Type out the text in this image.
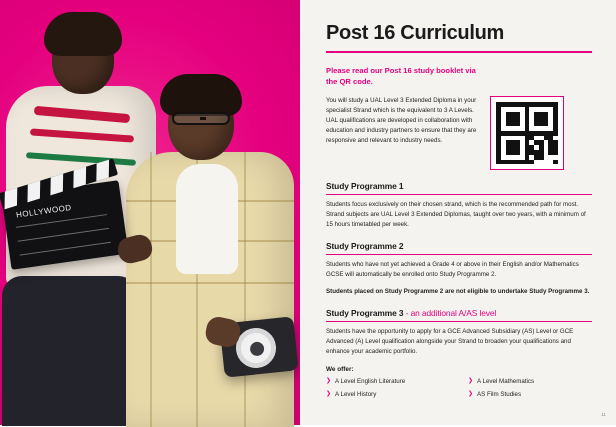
HOLLYWOOD
Post 16 Curriculum
Please read our Post 16 study booklet via the QR code.
You will study a UAL Level 3 Extended Diploma in your specialist Strand which is the equivalent to 3 A Levels. UAL qualifications are developed in collaboration with education and industry partners to ensure that they are responsive and relevant to industry needs.
Study Programme 1

Students focus exclusively on their chosen strand, which is the recommended path for most. Strand subjects are UAL Level 3 Extended Diplomas, taught over two years, with a minimum of 15 hours timetabled per week.

Study Programme 2

Students who have not yet achieved a Grade 4 or above in their English and/or Mathematics GCSE will automatically be enrolled onto Study Programme 2.

Students placed on Study Programme 2 are not eligible to undertake Study Programme 3.

Study Programme 3 - an additional A/AS level

Students have the opportunity to apply for a GCE Advanced Subsidiary (AS) Level or GCE Advanced (A) Level qualification alongside your Strand to broaden your qualifications and enhance your academic portfolio.

We offer:
❯ A Level English Literature
❯ A Level History
❯ A Level Mathematics
❯ AS Film Studies
11
